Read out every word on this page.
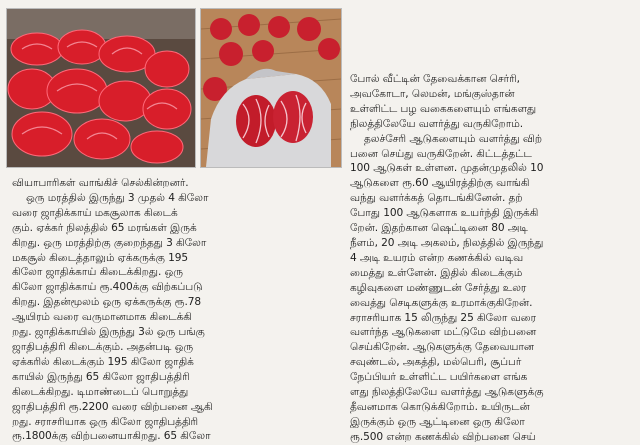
வியாபாரிகள் வாங்கிச் செல்கின்றனர்.
ஒரு மரத்தில் இருந்து 3 முதல் 4 கிலோ
வரை ஜாதிக்காய் மகசூலாக கிடைக்
கும். ஏக்கர் நிலத்தில் 65 மரங்கள் இருக்
கிறது. ஒரு மரத்திற்கு குறைந்தது 3 கிலோ
மகசூல் கிடைத்தாலும் ஏக்கருக்கு 195
கிலோ ஜாதிக்காய் கிடைக்கிறது. ஒரு
கிலோ ஜாதிக்காய் ரூ.400க்கு விற்கப்படு
கிறது. இதன்மூலம் ஒரு ஏக்கருக்கு ரூ.78
ஆயிரம் வரை வருமானமாக கிடைக்கி
றது. ஜாதிக்காயில் இருந்து 3ல் ஒரு பங்கு
ஜாதிபத்திரி கிடைக்கும். அதன்படி ஒரு
ஏக்கரில் கிடைக்கும் 195 கிலோ ஜாதிக்
காயில் இருந்து 65 கிலோ ஜாதிபத்திரி
கிடைக்கிறது. டிமாண்டைப் பொறுத்து
ஜாதிபத்திரி ரூ.2200 வரை விற்பனை ஆகி
றது. சராசரியாக ஒரு கிலோ ஜாதிபத்திரி
ரூ.1800க்கு விற்பனையாகிறது. 65 கிலோ
போல் வீட்டின் தேவைக்கான செர்ரி,
அவகோடா, லெமன், மங்குஸ்தான்
உள்ளிட்ட பழ வகைகளையும் எங்களது
நிலத்திலேயே வளர்த்து வருகிறோம்.
தலச்சேரி ஆடுகளையும் வளர்த்து விற்
பனை செய்து வருகிறேன். கிட்டத்தட்ட
100 ஆடுகள் உள்ளன. முதன்முதலில் 10
ஆடுகளை ரூ.60 ஆயிரத்திற்கு வாங்கி
வந்து வளர்க்கத் தொடங்கினேன். தற்
போது 100 ஆடுகளாக உயர்ந்தி இருக்கி
றேன். இதற்கான ஷெட்டினை 80 அடி
நீளம், 20 அடி அகலம், நிலத்தில் இருந்து
4 அடி உயரம் என்ற கணக்கில் வடிவ
மைத்து உள்ளேன். இதில் கிடைக்கும்
கழிவுகளை மண்ணுடன் சேர்த்து உலர
வைத்து செடிகளுக்கு உரமாக்குகிறேன்.
சராசரியாக 15 லிருந்து 25 கிலோ வரை
வளர்ந்த ஆடுகளை மட்டுமே விற்பனை
செய்கிறேன். ஆடுகளுக்கு தேவையான
சவுண்டல், அகத்தி, மல்பெரி, சூப்பர்
நேப்பியர் உள்ளிட்ட பயிர்களை எங்க
ளது நிலத்திலேயே வளர்த்து ஆடுகளுக்கு
தீவனமாக கொடுக்கிறோம். உயிருடன்
இருக்கும் ஒரு ஆட்டினை ஒரு கிலோ
ரூ.500 என்ற கணக்கில் விற்பனை செய்
